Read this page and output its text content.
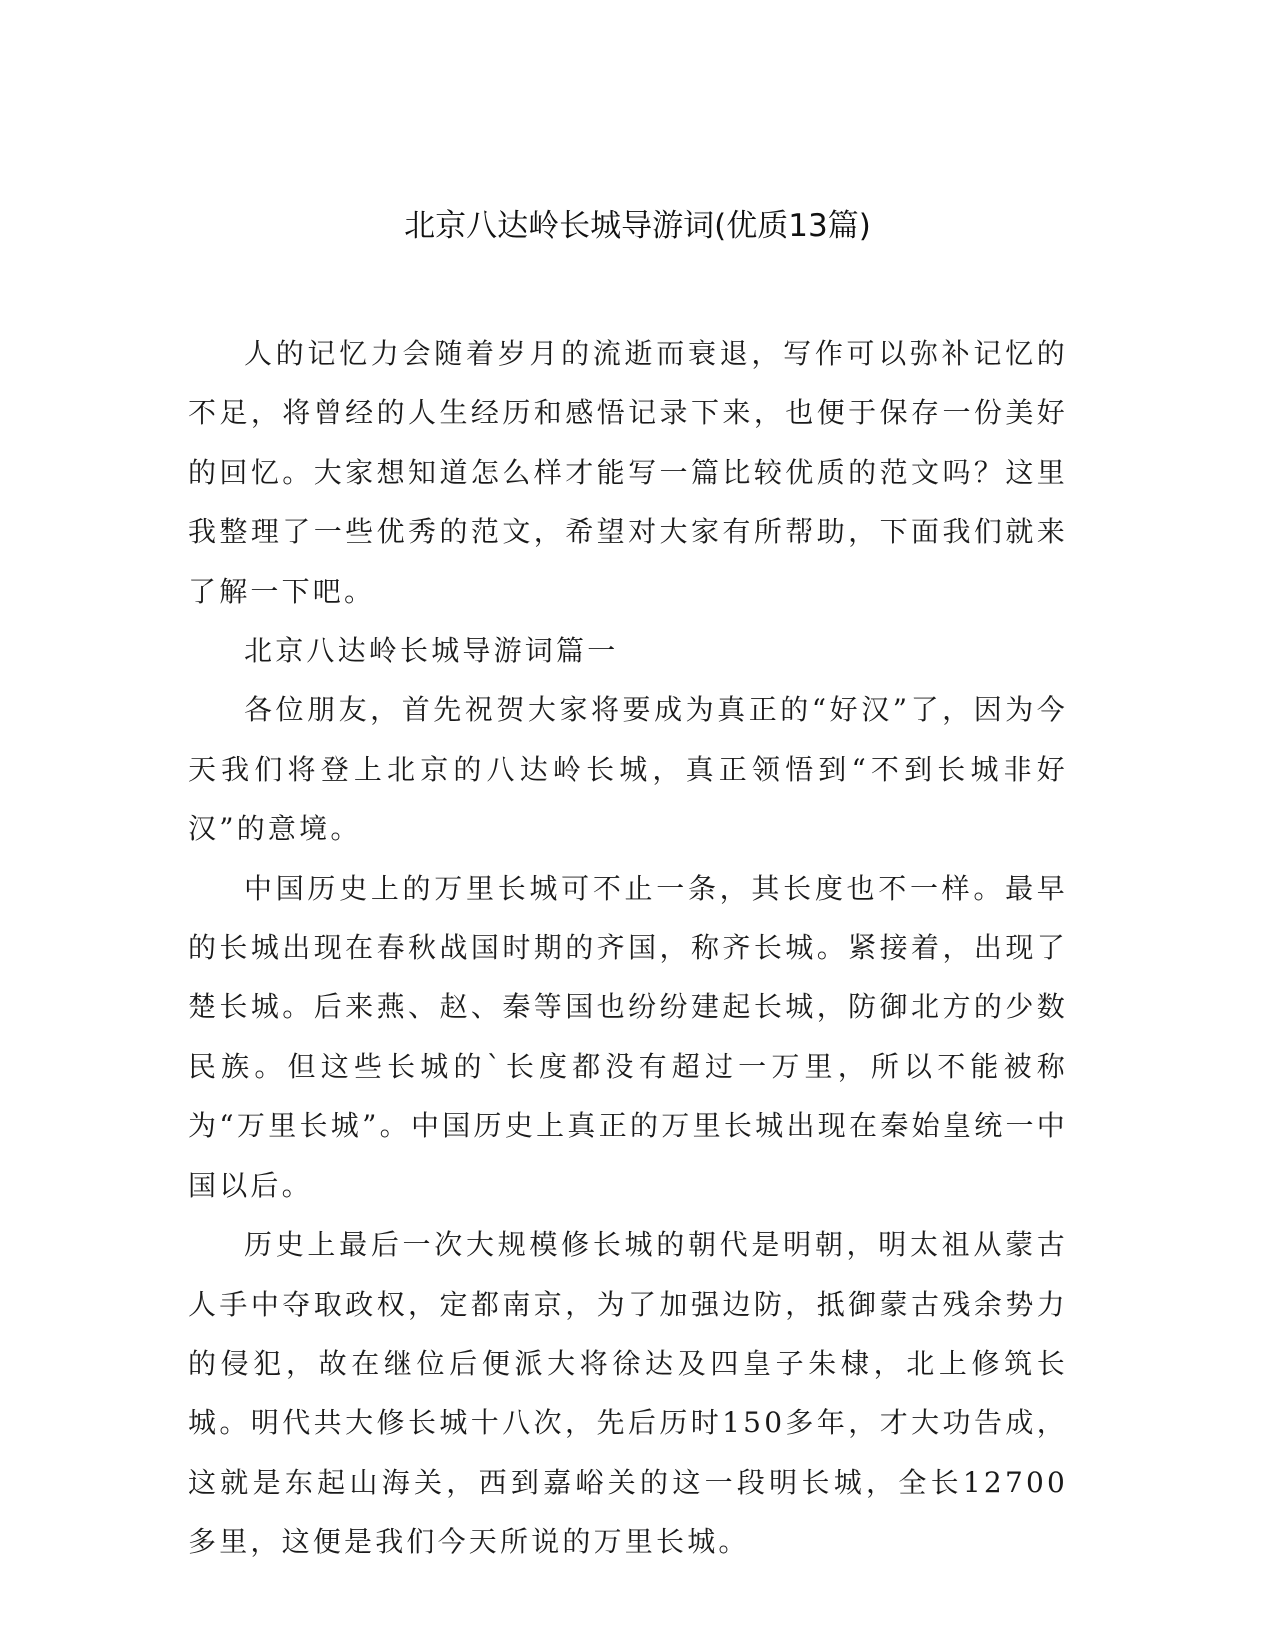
北京八达岭长城导游词(优质13篇)

人的记忆力会随着岁月的流逝而衰退，写作可以弥补记忆的不足，将曾经的人生经历和感悟记录下来，也便于保存一份美好的回忆。大家想知道怎么样才能写一篇比较优质的范文吗？这里我整理了一些优秀的范文，希望对大家有所帮助，下面我们就来了解一下吧。

北京八达岭长城导游词篇一

各位朋友，首先祝贺大家将要成为真正的“好汉”了，因为今天我们将登上北京的八达岭长城，真正领悟到“不到长城非好汉”的意境。

中国历史上的万里长城可不止一条，其长度也不一样。最早的长城出现在春秋战国时期的齐国，称齐长城。紧接着，出现了楚长城。后来燕、赵、秦等国也纷纷建起长城，防御北方的少数民族。但这些长城的`长度都没有超过一万里，所以不能被称为“万里长城”。中国历史上真正的万里长城出现在秦始皇统一中国以后。

历史上最后一次大规模修长城的朝代是明朝，明太祖从蒙古人手中夺取政权，定都南京，为了加强边防，抵御蒙古残余势力的侵犯，故在继位后便派大将徐达及四皇子朱棣，北上修筑长城。明代共大修长城十八次，先后历时150多年，才大功告成，这就是东起山海关，西到嘉峪关的这一段明长城，全长12700多里，这便是我们今天所说的万里长城。
